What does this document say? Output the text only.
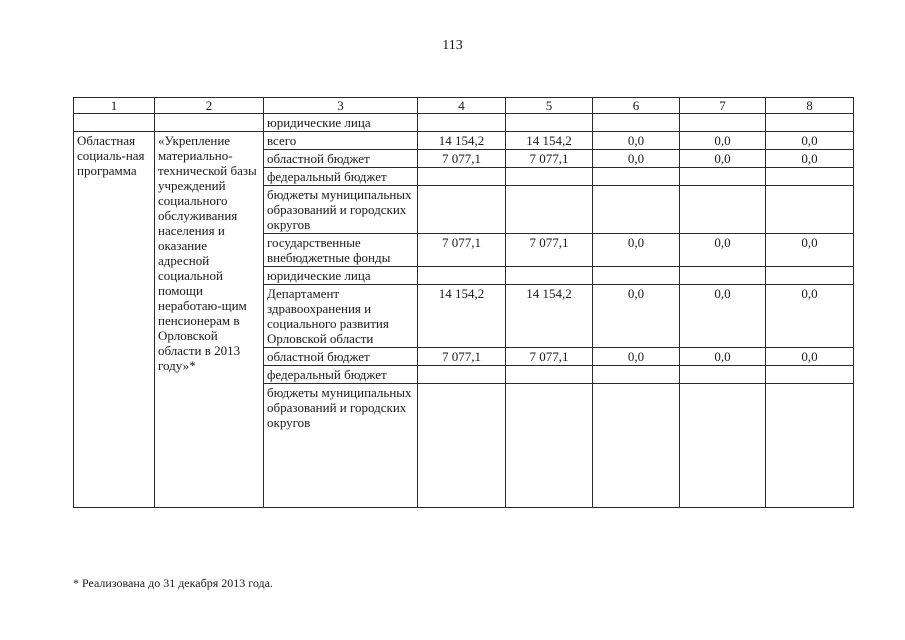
113
1	2	3	4	5	6	7	8
		юридические лица					
Областная социаль-ная программа	«Укрепление материально-технической базы учреждений социального обслуживания населения и оказание адресной социальной помощи неработаю-щим пенсионерам в Орловской области в 2013 году»*	всего	14 154,2	14 154,2	0,0	0,0	0,0
		областной бюджет	7 077,1	7 077,1	0,0	0,0	0,0
		федеральный бюджет					
		бюджеты муниципальных образований и городских округов					
		государственные внебюджетные фонды	7 077,1	7 077,1	0,0	0,0	0,0
		юридические лица					
		Департамент здравоохранения и социального развития Орловской области	14 154,2	14 154,2	0,0	0,0	0,0
		областной бюджет	7 077,1	7 077,1	0,0	0,0	0,0
		федеральный бюджет					
		бюджеты муниципальных образований и городских округов					
* Реализована до 31 декабря 2013 года.
